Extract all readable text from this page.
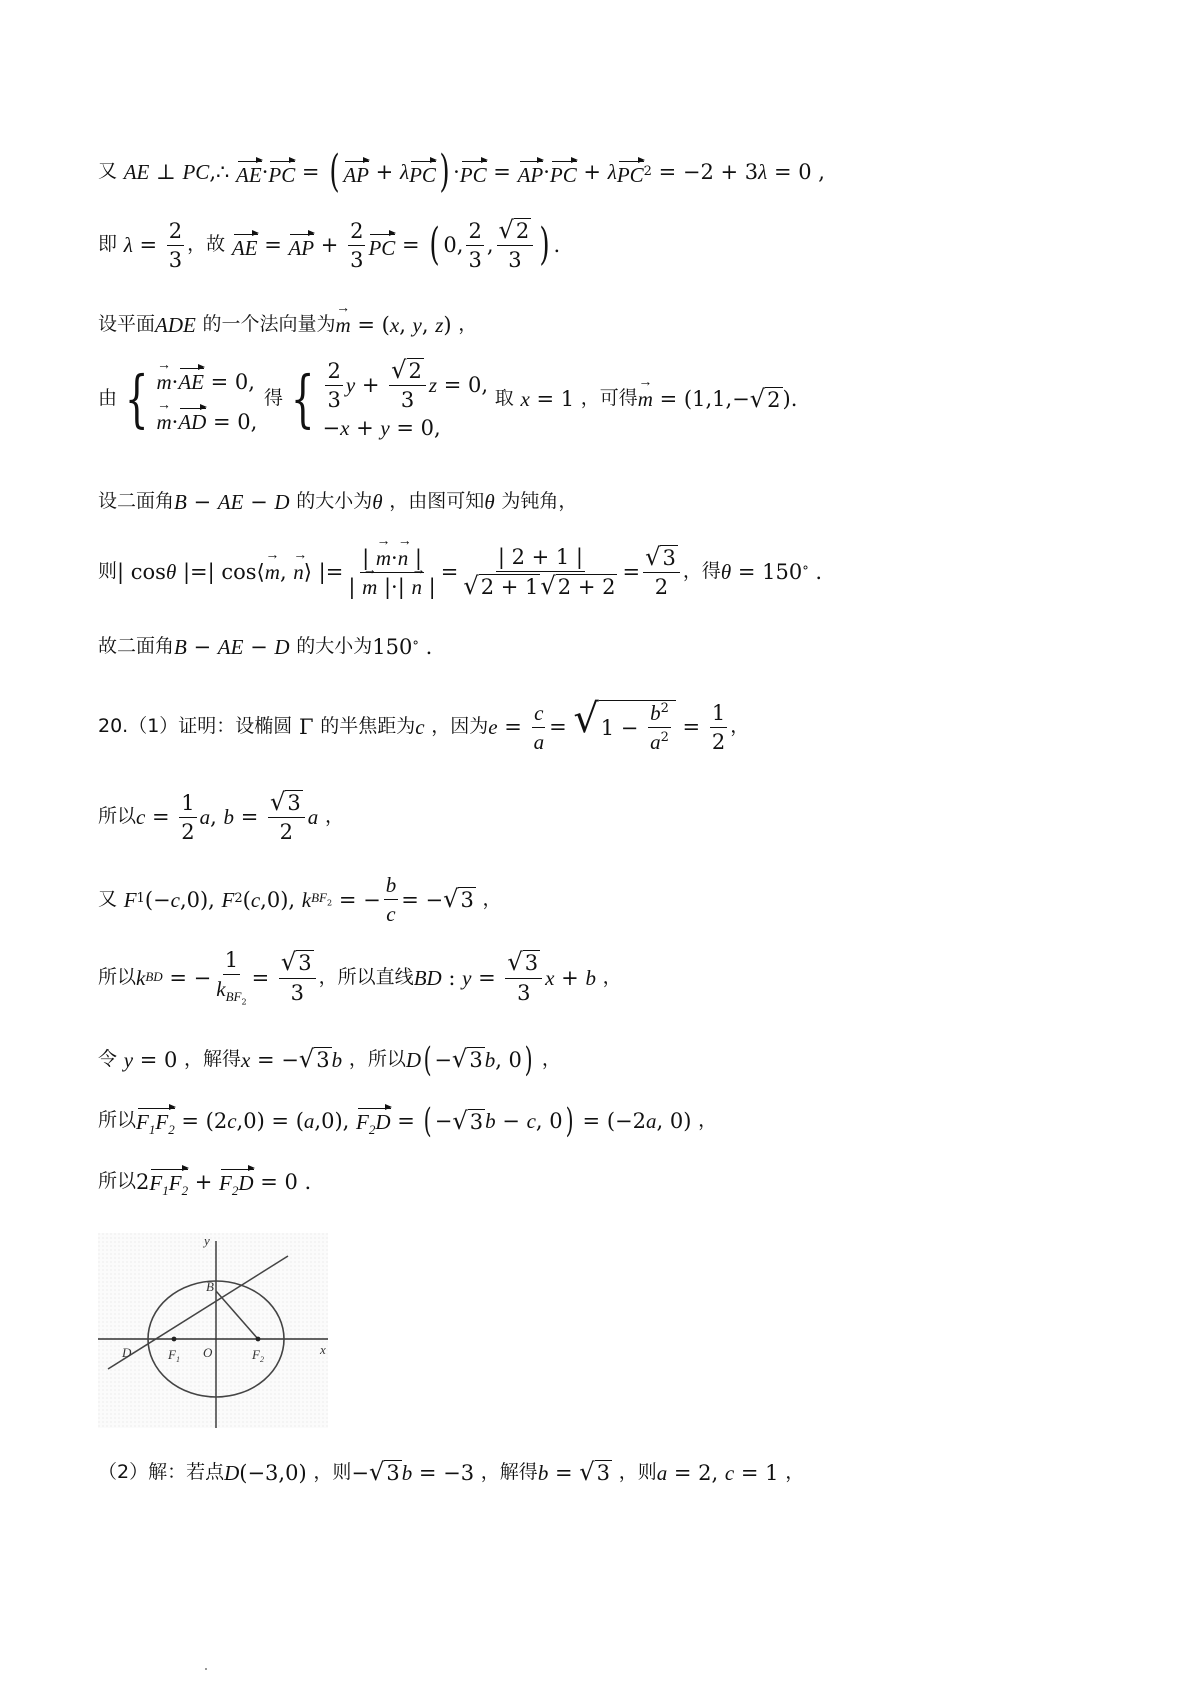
又
AE ⊥ PC ,∴ AE · PC = ( AP + λ PC ) · PC = AP · PC + λ PC 2 = −2 + 3 λ = 0 ,
即
$\lambda = \frac{2}{3}$ ， 故
AE = AP + $\frac{2}{3}$ PC = ( 0, $\frac{2}{3}$ , $\frac{√ 2}{3}$ ) .
设平面 ADE
的一个法向量为 → m = ( x , y , z ) ，
由 { → m·AE = 0,
→ m·AD = 0,

得 { $\frac{2}{3}$ $y + \frac{√ 2}{3}$ z = 0,
−x + y = 0,

取
x = 1 ， 可得 → m = (1,1,− √ 2 ).
设二面角 B − AE − D
的大小为 θ
，由图可知 θ
为钝角，
则 | cos θ |=| cos⟨ → m , → n ⟩ |= $\frac{| \to m\cdot\to n |}{| \to m |\cdot| \to n |} = \frac{| 2 + 1 |}{√ 2 + 1 √ 2 + 2} = \frac{√ 3}{2}$ ， 得 θ = 150 ° .
故二面角 B − AE − D
的大小为 150 ° .
20.（1）证明：设椭圆 Γ 的半焦距为 c
，因为 $e = \frac{c}{a}$ = √ $1 - \frac{b^2}{a^2} = \frac{1}{2}$ ，
所以 $c = \frac{1}{2}$ a , $b = \frac{√ 3}{2}$ a
，
又
F 1 (− c ,0), F 2 ( c ,0), k $BF_2$ = − $\frac{b}{c}$ = − √ 3
，
所以 k BD = − $\frac{1}{k_{BF_2}} = \frac{√ 3}{3}$ ，所以直线 BD : $y = \frac{√ 3}{3}$ x + b
，
令
y = 0 ，解得 x = − √ 3 b
，所以 D ( − √ 3 b , 0 )
，
所以 $F_1F_2 = (2$ c ,0) = ( a ,0), $F_2D$ = ( − √ 3 b − c , 0 ) = (−2 a , 0) ，
所以 2 $F_1F_2 + F_2D = 0$ .
y
B
D	$F_1$ O	$F_2$
x
（2）解：若点 D (−3,0) ，则 − √ 3 b = −3 ，解得 b = √ 3
，则 a = 2, c = 1 ，
